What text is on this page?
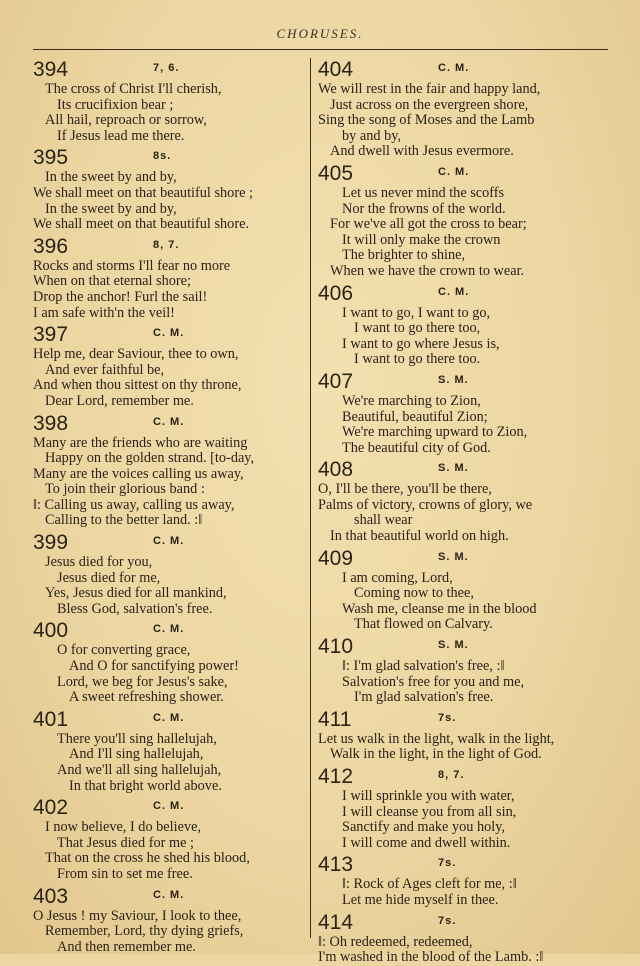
CHORUSES.
394	7, 6.
The cross of Christ I'll cherish,
Its crucifixion bear ;
All hail, reproach or sorrow,
If Jesus lead me there.
395	8s.
In the sweet by and by,
We shall meet on that beautiful shore ;
In the sweet by and by,
We shall meet on that beautiful shore.
396	8, 7.
Rocks and storms I'll fear no more
When on that eternal shore;
Drop the anchor! Furl the sail!
I am safe with'n the veil!
397	C. M.
Help me, dear Saviour, thee to own,
And ever faithful be,
And when thou sittest on thy throne,
Dear Lord, remember me.
398	C. M.
Many are the friends who are waiting
Happy on the golden strand. [to-day,
Many are the voices calling us away,
To join their glorious band :
‖: Calling us away, calling us away,
Calling to the better land. :‖
399	C. M.
Jesus died for you,
Jesus died for me,
Yes, Jesus died for all mankind,
Bless God, salvation's free.
400	C. M.
O for converting grace,
And O for sanctifying power!
Lord, we beg for Jesus's sake,
A sweet refreshing shower.
401	C. M.
There you'll sing hallelujah,
And I'll sing hallelujah,
And we'll all sing hallelujah,
In that bright world above.
402	C. M.
I now believe, I do believe,
That Jesus died for me ;
That on the cross he shed his blood,
From sin to set me free.
403	C. M.
O Jesus ! my Saviour, I look to thee,
Remember, Lord, thy dying griefs,
And then remember me.
404	C. M.
We will rest in the fair and happy land,
Just across on the evergreen shore,
Sing the song of Moses and the Lamb
by and by,
And dwell with Jesus evermore.
405	C. M.
Let us never mind the scoffs
Nor the frowns of the world.
For we've all got the cross to bear;
It will only make the crown
The brighter to shine,
When we have the crown to wear.
406	C. M.
I want to go, I want to go,
I want to go there too,
I want to go where Jesus is,
I want to go there too.
407	S. M.
We're marching to Zion,
Beautiful, beautiful Zion;
We're marching upward to Zion,
The beautiful city of God.
408	S. M.
O, I'll be there, you'll be there,
Palms of victory, crowns of glory, we
shall wear
In that beautiful world on high.
409	S. M.
I am coming, Lord,
Coming now to thee,
Wash me, cleanse me in the blood
That flowed on Calvary.
410	S. M.
‖: I'm glad salvation's free, :‖
Salvation's free for you and me,
I'm glad salvation's free.
411	7s.
Let us walk in the light, walk in the light,
Walk in the light, in the light of God.
412	8, 7.
I will sprinkle you with water,
I will cleanse you from all sin,
Sanctify and make you holy,
I will come and dwell within.
413	7s.
‖: Rock of Ages cleft for me, :‖
Let me hide myself in thee.
414	7s.
‖: Oh redeemed, redeemed,
I'm washed in the blood of the Lamb. :‖
